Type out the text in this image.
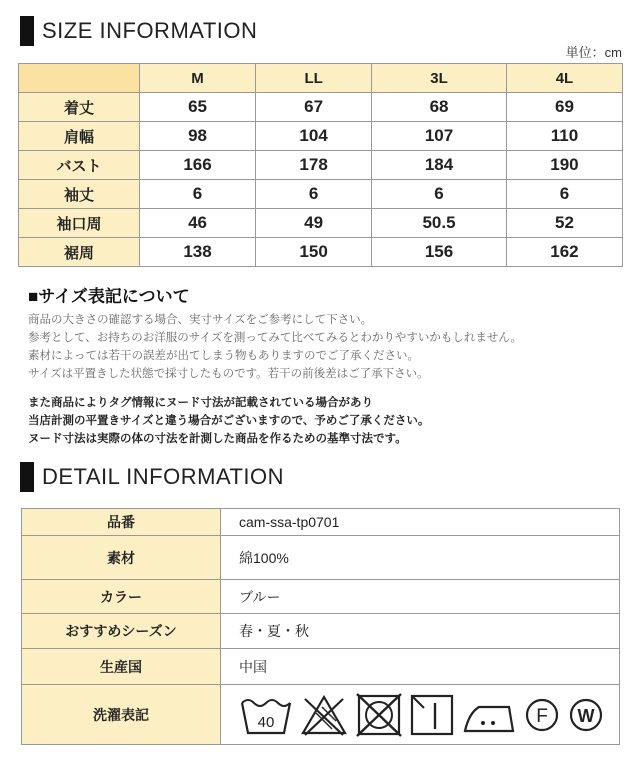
SIZE INFORMATION
単位：cm
	M	LL	3L	4L
着丈	65	67	68	69
肩幅	98	104	107	110
バスト	166	178	184	190
袖丈	6	6	6	6
袖口周	46	49	50.5	52
裾周	138	150	156	162
■サイズ表記について
商品の大きさの確認する場合、実寸サイズをご参考にして下さい。
参考として、お持ちのお洋服のサイズを測ってみて比べてみるとわかりやすいかもしれません。
素材によっては若干の誤差が出てしまう物もありますのでご了承ください。
サイズは平置きした状態で採寸したものです。若干の前後差はご了承下さい。
また商品によりタグ情報にヌード寸法が記載されている場合があり
当店計測の平置きサイズと違う場合がございますので、予めご了承ください。
ヌード寸法は実際の体の寸法を計測した商品を作るための基準寸法です。
DETAIL INFORMATION
品番	cam-ssa-tp0701
素材	綿100%
カラー	ブルー
おすすめシーズン	春・夏・秋
生産国	中国
洗濯表記	40 F W
